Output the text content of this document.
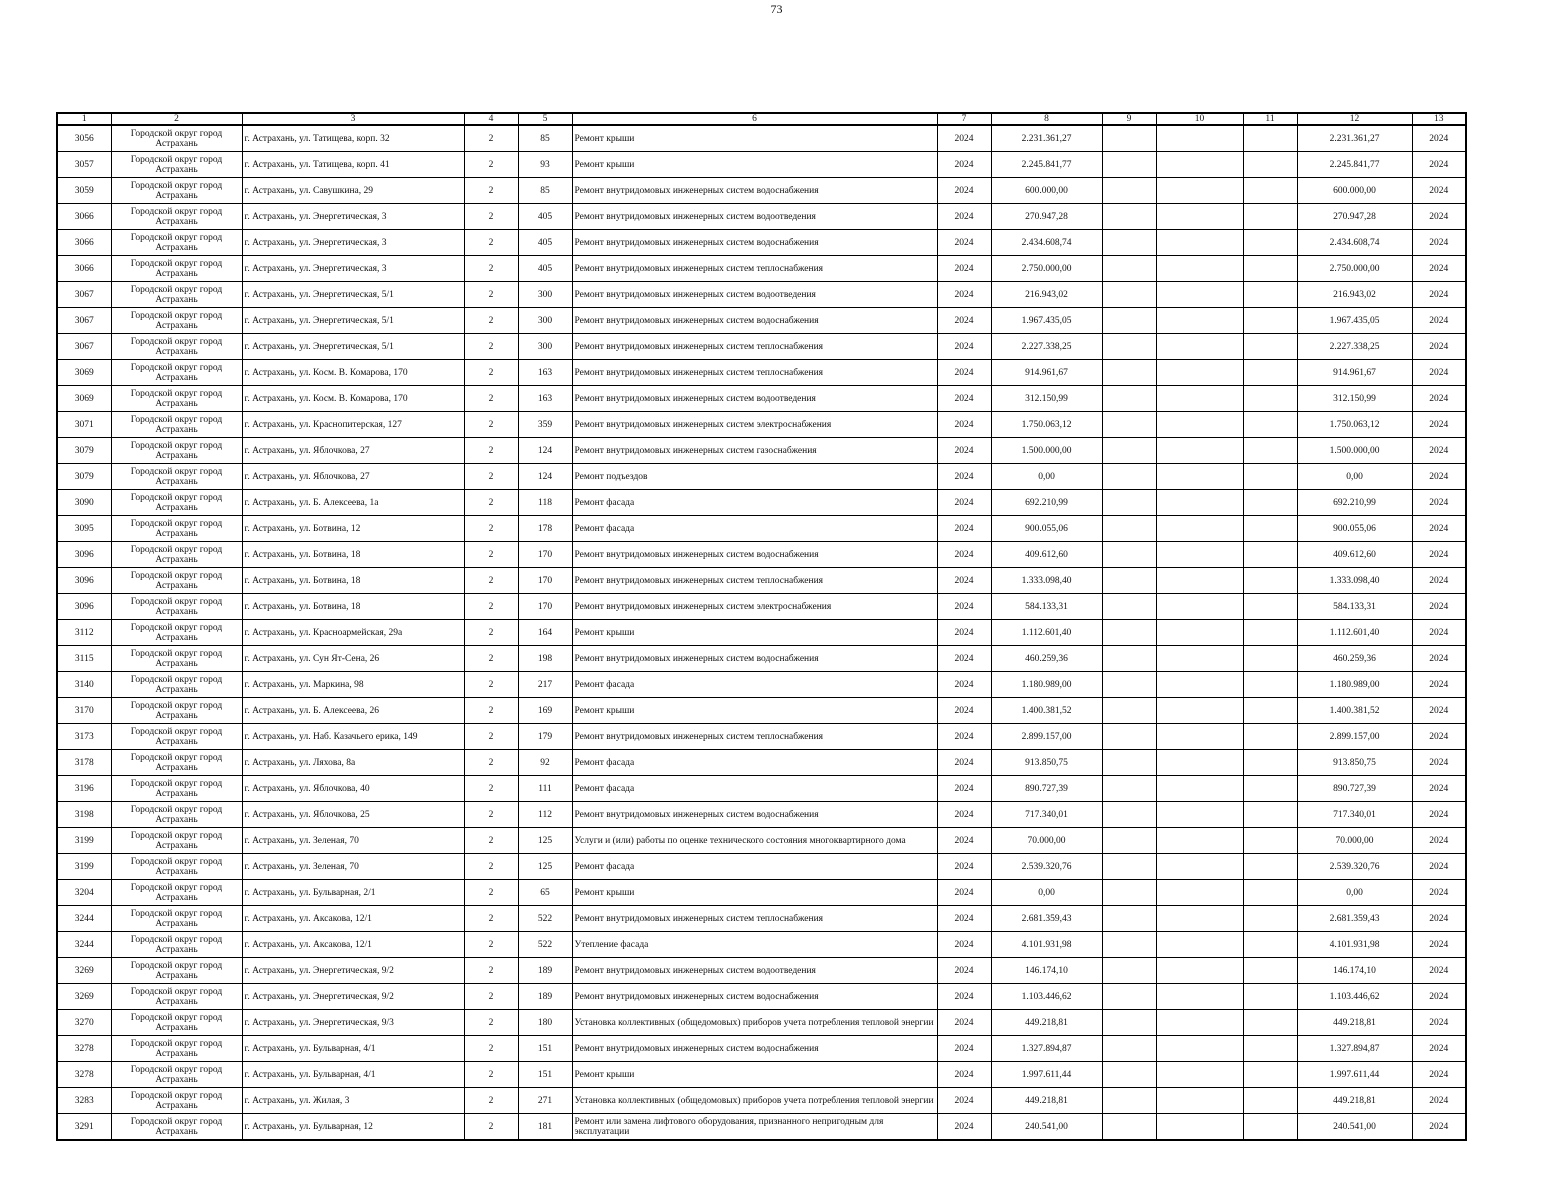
73
1	2	3	4	5	6	7	8	9	10	11	12	13
3056	Городской округ город Астрахань	г. Астрахань, ул. Татищева, корп. 32	2	85	Ремонт крыши	2024	2.231.361,27				2.231.361,27	2024
3057	Городской округ город Астрахань	г. Астрахань, ул. Татищева, корп. 41	2	93	Ремонт крыши	2024	2.245.841,77				2.245.841,77	2024
3059	Городской округ город Астрахань	г. Астрахань, ул. Савушкина, 29	2	85	Ремонт внутридомовых инженерных систем водоснабжения	2024	600.000,00				600.000,00	2024
3066	Городской округ город Астрахань	г. Астрахань, ул. Энергетическая, 3	2	405	Ремонт внутридомовых инженерных систем водоотведения	2024	270.947,28				270.947,28	2024
3066	Городской округ город Астрахань	г. Астрахань, ул. Энергетическая, 3	2	405	Ремонт внутридомовых инженерных систем водоснабжения	2024	2.434.608,74				2.434.608,74	2024
3066	Городской округ город Астрахань	г. Астрахань, ул. Энергетическая, 3	2	405	Ремонт внутридомовых инженерных систем теплоснабжения	2024	2.750.000,00				2.750.000,00	2024
3067	Городской округ город Астрахань	г. Астрахань, ул. Энергетическая, 5/1	2	300	Ремонт внутридомовых инженерных систем водоотведения	2024	216.943,02				216.943,02	2024
3067	Городской округ город Астрахань	г. Астрахань, ул. Энергетическая, 5/1	2	300	Ремонт внутридомовых инженерных систем водоснабжения	2024	1.967.435,05				1.967.435,05	2024
3067	Городской округ город Астрахань	г. Астрахань, ул. Энергетическая, 5/1	2	300	Ремонт внутридомовых инженерных систем теплоснабжения	2024	2.227.338,25				2.227.338,25	2024
3069	Городской округ город Астрахань	г. Астрахань, ул. Косм. В. Комарова, 170	2	163	Ремонт внутридомовых инженерных систем теплоснабжения	2024	914.961,67				914.961,67	2024
3069	Городской округ город Астрахань	г. Астрахань, ул. Косм. В. Комарова, 170	2	163	Ремонт внутридомовых инженерных систем водоотведения	2024	312.150,99				312.150,99	2024
3071	Городской округ город Астрахань	г. Астрахань, ул. Краснопитерская, 127	2	359	Ремонт внутридомовых инженерных систем электроснабжения	2024	1.750.063,12				1.750.063,12	2024
3079	Городской округ город Астрахань	г. Астрахань, ул. Яблочкова, 27	2	124	Ремонт внутридомовых инженерных систем газоснабжения	2024	1.500.000,00				1.500.000,00	2024
3079	Городской округ город Астрахань	г. Астрахань, ул. Яблочкова, 27	2	124	Ремонт подъездов	2024	0,00				0,00	2024
3090	Городской округ город Астрахань	г. Астрахань, ул. Б. Алексеева, 1а	2	118	Ремонт фасада	2024	692.210,99				692.210,99	2024
3095	Городской округ город Астрахань	г. Астрахань, ул. Ботвина, 12	2	178	Ремонт фасада	2024	900.055,06				900.055,06	2024
3096	Городской округ город Астрахань	г. Астрахань, ул. Ботвина, 18	2	170	Ремонт внутридомовых инженерных систем водоснабжения	2024	409.612,60				409.612,60	2024
3096	Городской округ город Астрахань	г. Астрахань, ул. Ботвина, 18	2	170	Ремонт внутридомовых инженерных систем теплоснабжения	2024	1.333.098,40				1.333.098,40	2024
3096	Городской округ город Астрахань	г. Астрахань, ул. Ботвина, 18	2	170	Ремонт внутридомовых инженерных систем электроснабжения	2024	584.133,31				584.133,31	2024
3112	Городской округ город Астрахань	г. Астрахань, ул. Красноармейская, 29а	2	164	Ремонт крыши	2024	1.112.601,40				1.112.601,40	2024
3115	Городской округ город Астрахань	г. Астрахань, ул. Сун Ят-Сена, 26	2	198	Ремонт внутридомовых инженерных систем водоснабжения	2024	460.259,36				460.259,36	2024
3140	Городской округ город Астрахань	г. Астрахань, ул. Маркина, 98	2	217	Ремонт фасада	2024	1.180.989,00				1.180.989,00	2024
3170	Городской округ город Астрахань	г. Астрахань, ул. Б. Алексеева, 26	2	169	Ремонт крыши	2024	1.400.381,52				1.400.381,52	2024
3173	Городской округ город Астрахань	г. Астрахань, ул. Наб. Казачьего ерика, 149	2	179	Ремонт внутридомовых инженерных систем теплоснабжения	2024	2.899.157,00				2.899.157,00	2024
3178	Городской округ город Астрахань	г. Астрахань, ул. Ляхова, 8а	2	92	Ремонт фасада	2024	913.850,75				913.850,75	2024
3196	Городской округ город Астрахань	г. Астрахань, ул. Яблочкова, 40	2	111	Ремонт фасада	2024	890.727,39				890.727,39	2024
3198	Городской округ город Астрахань	г. Астрахань, ул. Яблочкова, 25	2	112	Ремонт внутридомовых инженерных систем водоснабжения	2024	717.340,01				717.340,01	2024
3199	Городской округ город Астрахань	г. Астрахань, ул. Зеленая, 70	2	125	Услуги и (или) работы по оценке технического состояния многоквартирного дома	2024	70.000,00				70.000,00	2024
3199	Городской округ город Астрахань	г. Астрахань, ул. Зеленая, 70	2	125	Ремонт фасада	2024	2.539.320,76				2.539.320,76	2024
3204	Городской округ город Астрахань	г. Астрахань, ул. Бульварная, 2/1	2	65	Ремонт крыши	2024	0,00				0,00	2024
3244	Городской округ город Астрахань	г. Астрахань, ул. Аксакова, 12/1	2	522	Ремонт внутридомовых инженерных систем теплоснабжения	2024	2.681.359,43				2.681.359,43	2024
3244	Городской округ город Астрахань	г. Астрахань, ул. Аксакова, 12/1	2	522	Утепление фасада	2024	4.101.931,98				4.101.931,98	2024
3269	Городской округ город Астрахань	г. Астрахань, ул. Энергетическая, 9/2	2	189	Ремонт внутридомовых инженерных систем водоотведения	2024	146.174,10				146.174,10	2024
3269	Городской округ город Астрахань	г. Астрахань, ул. Энергетическая, 9/2	2	189	Ремонт внутридомовых инженерных систем водоснабжения	2024	1.103.446,62				1.103.446,62	2024
3270	Городской округ город Астрахань	г. Астрахань, ул. Энергетическая, 9/3	2	180	Установка коллективных (общедомовых) приборов учета потребления тепловой энергии	2024	449.218,81				449.218,81	2024
3278	Городской округ город Астрахань	г. Астрахань, ул. Бульварная, 4/1	2	151	Ремонт внутридомовых инженерных систем водоснабжения	2024	1.327.894,87				1.327.894,87	2024
3278	Городской округ город Астрахань	г. Астрахань, ул. Бульварная, 4/1	2	151	Ремонт крыши	2024	1.997.611,44				1.997.611,44	2024
3283	Городской округ город Астрахань	г. Астрахань, ул. Жилая, 3	2	271	Установка коллективных (общедомовых) приборов учета потребления тепловой энергии	2024	449.218,81				449.218,81	2024
3291	Городской округ город Астрахань	г. Астрахань, ул. Бульварная, 12	2	181	Ремонт или замена лифтового оборудования, признанного непригодным для эксплуатации	2024	240.541,00				240.541,00	2024
